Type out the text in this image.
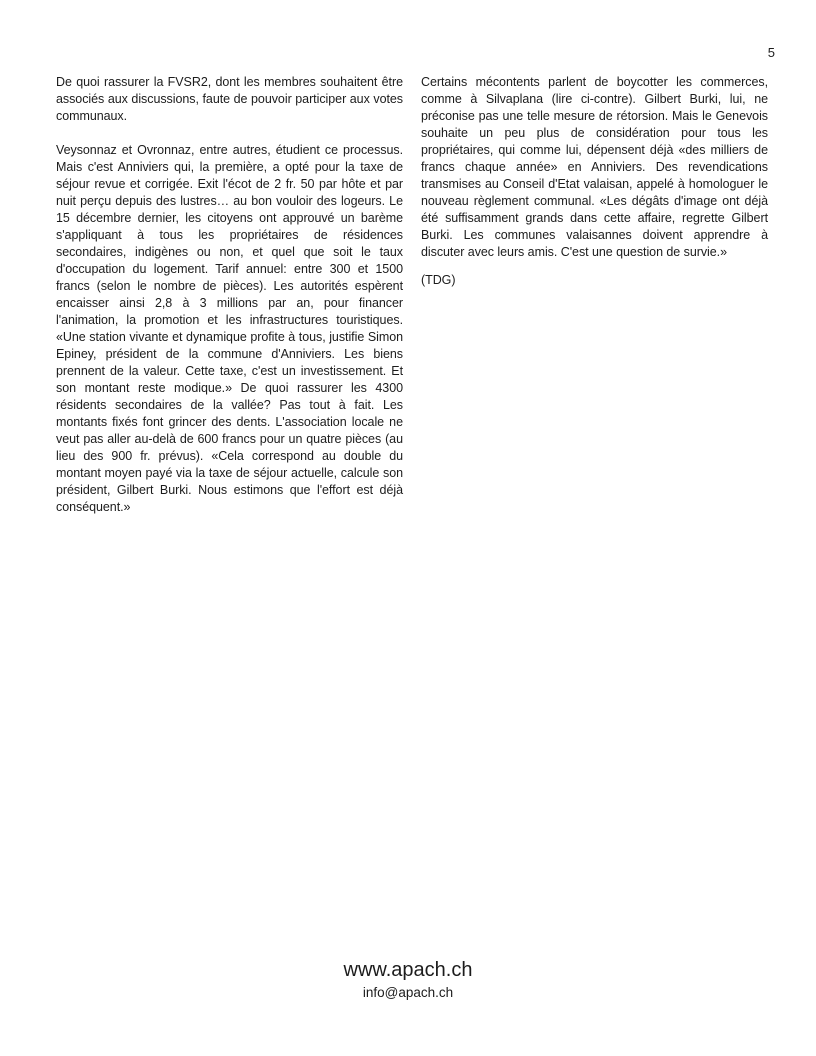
5

De quoi rassurer la FVSR2, dont les membres souhaitent être associés aux discussions, faute de pouvoir participer aux votes communaux.

Veysonnaz et Ovronnaz, entre autres, étudient ce processus. Mais c'est Anniviers qui, la première, a opté pour la taxe de séjour revue et corrigée. Exit l'écot de 2 fr. 50 par hôte et par nuit perçu depuis des lustres… au bon vouloir des logeurs. Le 15 décembre dernier, les citoyens ont approuvé un barème s'appliquant à tous les propriétaires de résidences secondaires, indigènes ou non, et quel que soit le taux d'occupation du logement. Tarif annuel: entre 300 et 1500 francs (selon le nombre de pièces). Les autorités espèrent encaisser ainsi 2,8 à 3 millions par an, pour financer l'animation, la promotion et les infrastructures touristiques. «Une station vivante et dynamique profite à tous, justifie Simon Epiney, président de la commune d'Anniviers. Les biens prennent de la valeur. Cette taxe, c'est un investissement. Et son montant reste modique.» De quoi rassurer les 4300 résidents secondaires de la vallée? Pas tout à fait. Les montants fixés font grincer des dents. L'association locale ne veut pas aller au-delà de 600 francs pour un quatre pièces (au lieu des 900 fr. prévus). «Cela correspond au double du montant moyen payé via la taxe de séjour actuelle, calcule son président, Gilbert Burki. Nous estimons que l'effort est déjà conséquent.»

Certains mécontents parlent de boycotter les commerces, comme à Silvaplana (lire ci-contre). Gilbert Burki, lui, ne préconise pas une telle mesure de rétorsion. Mais le Genevois souhaite un peu plus de considération pour tous les propriétaires, qui comme lui, dépensent déjà «des milliers de francs chaque année» en Anniviers. Des revendications transmises au Conseil d'Etat valaisan, appelé à homologuer le nouveau règlement communal. «Les dégâts d'image ont déjà été suffisamment grands dans cette affaire, regrette Gilbert Burki. Les communes valaisannes doivent apprendre à discuter avec leurs amis. C'est une question de survie.»

(TDG)

www.apach.ch
info@apach.ch
